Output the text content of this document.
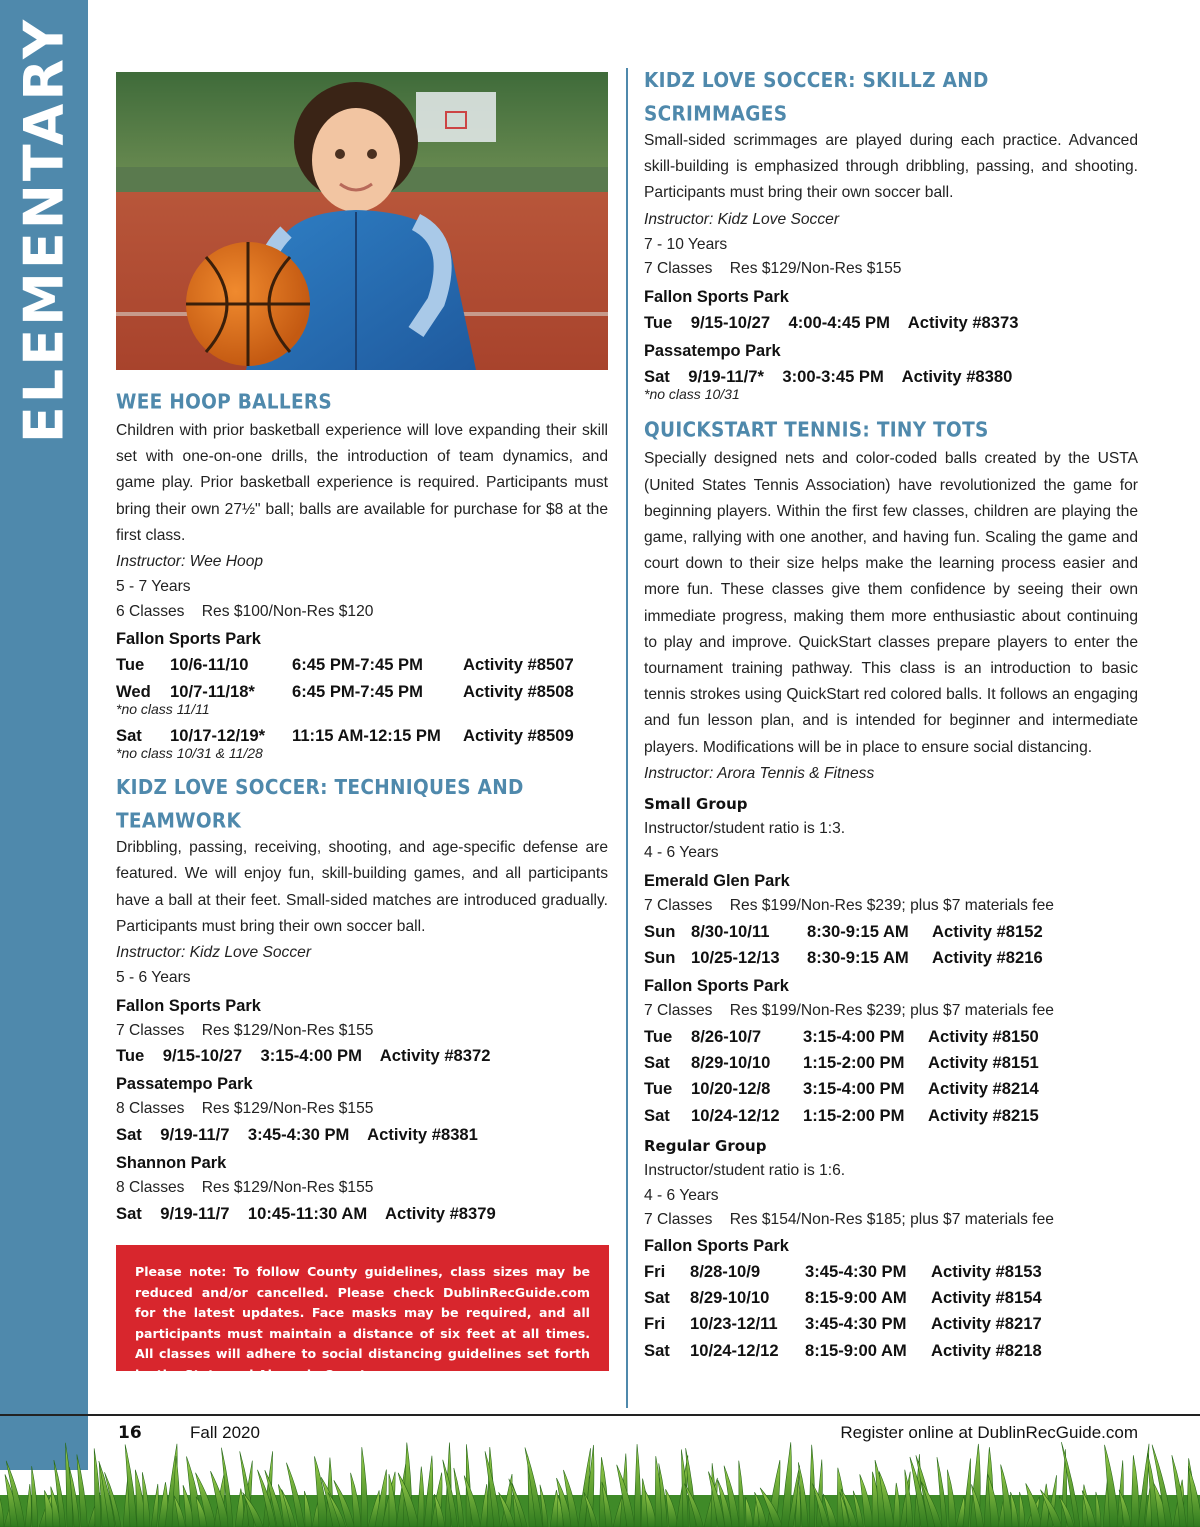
ELEMENTARY WEE HOOP BALLERS

Children with prior basketball experience will love expanding their skill set with one-on-one drills, the introduction of team dynamics, and game play. Prior basketball experience is required. Participants must bring their own 27½" ball; balls are available for purchase for $8 at the first class.

Instructor: Wee Hoop

5 - 7 Years

6 Classes    Res $100/Non-Res $120

Fallon Sports Park

Tue	10/6-11/10	6:45 PM-7:45 PM	Activity #8507
Wed	10/7-11/18*	6:45 PM-7:45 PM	Activity #8508
*no class 11/11
Sat	10/17-12/19*	11:15 AM-12:15 PM	Activity #8509
*no class 10/31 & 11/28
KIDZ LOVE SOCCER: TECHNIQUES AND TEAMWORK

Dribbling, passing, receiving, shooting, and age-specific defense are featured. We will enjoy fun, skill-building games, and all participants have a ball at their feet. Small-sided matches are introduced gradually. Participants must bring their own soccer ball.

Instructor: Kidz Love Soccer

5 - 6 Years

Fallon Sports Park

7 Classes    Res $129/Non-Res $155

Tue    9/15-10/27    3:15-4:00 PM    Activity #8372

Passatempo Park

8 Classes    Res $129/Non-Res $155

Sat    9/19-11/7    3:45-4:30 PM    Activity #8381

Shannon Park

8 Classes    Res $129/Non-Res $155

Sat    9/19-11/7    10:45-11:30 AM    Activity #8379

Please note: To follow County guidelines, class sizes may be reduced and/or cancelled. Please check DublinRecGuide.com for the latest updates. Face masks may be required, and all participants must maintain a distance of six feet at all times. All classes will adhere to social distancing guidelines set forth by the State and Alameda County.

KIDZ LOVE SOCCER: SKILLZ AND SCRIMMAGES

Small-sided scrimmages are played during each practice. Advanced skill-building is emphasized through dribbling, passing, and shooting. Participants must bring their own soccer ball.

Instructor: Kidz Love Soccer

7 - 10 Years

7 Classes    Res $129/Non-Res $155

Fallon Sports Park

Tue    9/15-10/27    4:00-4:45 PM    Activity #8373

Passatempo Park

Sat    9/19-11/7*    3:00-3:45 PM    Activity #8380
*no class 10/31
QUICKSTART TENNIS: TINY TOTS

Specially designed nets and color-coded balls created by the USTA (United States Tennis Association) have revolutionized the game for beginning players. Within the first few classes, children are playing the game, rallying with one another, and having fun. Scaling the game and court down to their size helps make the learning process easier and more fun. These classes give them confidence by seeing their own immediate progress, making them more enthusiastic about continuing to play and improve. QuickStart classes prepare players to enter the tournament training pathway. This class is an introduction to basic tennis strokes using QuickStart red colored balls. It follows an engaging and fun lesson plan, and is intended for beginner and intermediate players. Modifications will be in place to ensure social distancing.

Instructor: Arora Tennis & Fitness

Small Group

Instructor/student ratio is 1:3.

4 - 6 Years

Emerald Glen Park

7 Classes    Res $199/Non-Res $239; plus $7 materials fee

Sun 8/30-10/11	8:30-9:15 AM	Activity #8152
Sun 10/25-12/13	8:30-9:15 AM	Activity #8216

Fallon Sports Park

7 Classes    Res $199/Non-Res $239; plus $7 materials fee

Tue	8/26-10/7	3:15-4:00 PM	Activity #8150
Sat	8/29-10/10	1:15-2:00 PM	Activity #8151
Tue	10/20-12/8	3:15-4:00 PM	Activity #8214
Sat	10/24-12/12	1:15-2:00 PM	Activity #8215

Regular Group

Instructor/student ratio is 1:6.

4 - 6 Years

7 Classes    Res $154/Non-Res $185; plus $7 materials fee

Fallon Sports Park

Fri	8/28-10/9	3:45-4:30 PM	Activity #8153
Sat	8/29-10/10	8:15-9:00 AM	Activity #8154
Fri	10/23-12/11	3:45-4:30 PM	Activity #8217
Sat	10/24-12/12	8:15-9:00 AM	Activity #8218
16	Fall 2020	Register online at DublinRecGuide.com
